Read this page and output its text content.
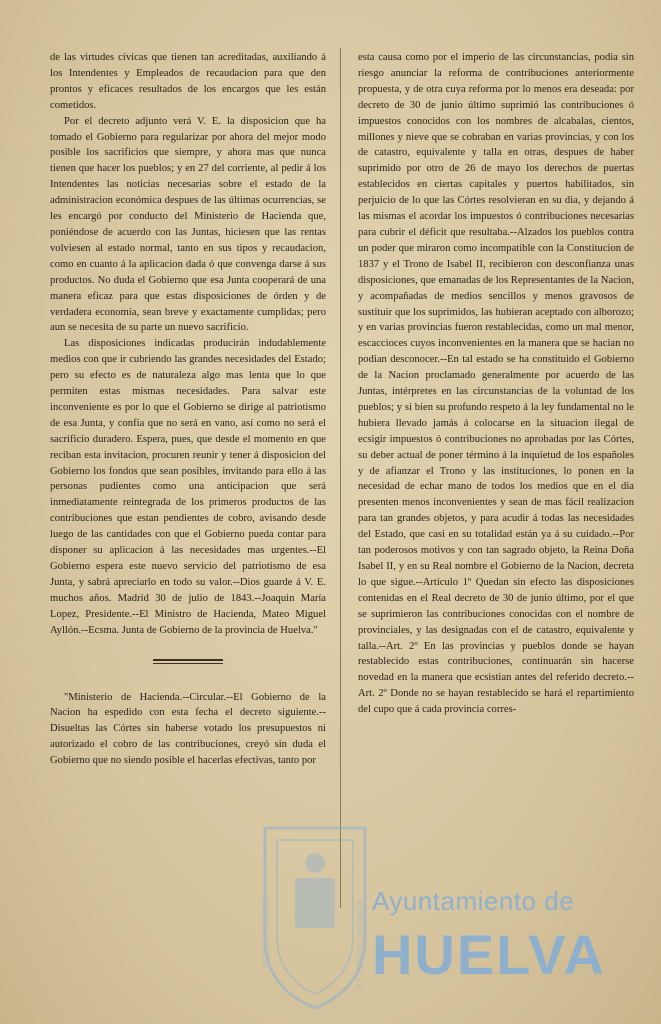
de las virtudes cívicas que tienen tan acreditadas, auxiliando á los Intendentes y Empleados de recaudacion para que den prontos y eficaces resultados de los encargos que les están cometidos.

Por el decreto adjunto verá V. E. la disposicion que ha tomado el Gobierno para regularizar por ahora del mejor modo posible los sacrificios que siempre, y ahora mas que nunca tienen que hacer los pueblos; y en 27 del corriente, al pedir á los Intendentes las noticias necesarias sobre el estado de la administracion económica despues de las últimas ocurrencias, se les encargó por conducto del Ministerio de Hacienda que, poniéndose de acuerdo con las Juntas, hiciesen que las rentas volviesen al estado normal, tanto en sus tipos y recaudacion, como en cuanto á la aplicacion dada ó que convenga darse á sus productos. No duda el Gobierno que esa Junta cooperará de una manera eficaz para que estas disposiciones de órden y de verdadera economía, sean breve y exactamente cumplidas; pero aun se necesita de su parte un nuevo sacrificio.

Las disposiciones indicadas producirán indudablemente medios con que ir cubriendo las grandes necesidades del Estado; pero su efecto es de naturaleza algo mas lenta que lo que permiten estas mismas necesidades. Para salvar este inconveniente es por lo que el Gobierno se dirige al patriotismo de esa Junta, y confía que no será en vano, así como no será el sacrificio duradero. Espera, pues, que desde el momento en que reciban esta invitacion, procuren reunir y tener á disposicion del Gobierno los fondos que sean posibles, invitando para ello á las personas pudientes como una anticipacion que será inmediatamente reintegrada de los primeros productos de las contribuciones que estan pendientes de cobro, avisando desde luego de las cantidades con que el Gobierno pueda contar para disponer su aplicacion á las necesidades mas urgentes.--El Gobierno espera este nuevo servicio del patriotismo de esa Junta, y sabrá apreciarlo en todo su valor.--Dios guarde á V. E. muchos años. Madrid 30 de julio de 1843.--Joaquin María Lopez, Presidente.--El Ministro de Hacienda, Mateo Miguel Ayllón.--Ecsma. Junta de Gobierno de la provincia de Huelva."

"Ministerio de Hacienda.--Circular.--El Gobierno de la Nacion ha espedido con esta fecha el decreto siguiente.--Disueltas las Córtes sin haberse votado los presupuestos ni autorizado el cobro de las contribuciones, creyó sin duda el Gobierno que no siendo posible el hacerlas efectivas, tanto por

esta causa como por el imperio de las circunstancias, podia sin riesgo anunciar la reforma de contribuciones anteriormente propuesta, y de otra cuya reforma por lo menos era deseada: por decreto de 30 de junio último suprimió las contribuciones ó impuestos conocidos con los nombres de alcabalas, cientos, millones y nieve que se cobraban en varias provincias, y con los de catastro, equivalente y talla en otras, despues de haber suprimido por otro de 26 de mayo los derechos de puertas establecidos en ciertas capitales y puertos habilitados, sin perjuicio de lo que las Córtes resolvieran en su dia, y dejando á las mismas el acordar los impuestos ó contribuciones necesarias para cubrir el déficit que resultaba.--Alzados los pueblos contra un poder que miraron como incompatible con la Constitucion de 1837 y el Trono de Isabel II, recibieron con desconfianza unas disposiciones, que emanadas de los Representantes de la Nacion, y acompañadas de medios sencillos y menos gravosos de sustituir que los suprimidos, las hubieran aceptado con alborozo; y en varias provincias fueron restablecidas, como un mal menor, escaccioces cuyos inconvenientes en la manera que se hacian no podian desconocer.--En tal estado se ha constituido el Gobierno de la Nacion proclamado generalmente por acuerdo de las Juntas, intérpretes en las circunstancias de la voluntad de los pueblos; y si bien su profundo respeto á la ley fundamental no le hubiera llevado jamás á colocarse en la situacion ilegal de ecsigir impuestos ó contribuciones no aprobadas por las Córtes, su deber actual de poner término á la inquietud de los españoles y de afianzar el Trono y las instituciones, lo ponen en la necesidad de echar mano de todos los medios que en el dia presenten menos inconvenientes y sean de mas fácil realizacion para tan grandes objetos, y para acudir á todas las necesidades del Estado, que casi en su totalidad están ya á su cuidado.--Por tan poderosos motivos y con tan sagrado objeto, la Reina Doña Isabel II, y en su Real nombre el Gobierno de la Nacion, decreta lo que sigue.--Artículo 1º Quedan sin efecto las disposiciones contenidas en el Real decreto de 30 de junio último, por el que se suprimieron las contribuciones conocidas con el nombre de provinciales, y las designadas con el de catastro, equivalente y talla.--Art. 2º En las provincias y pueblos donde se hayan restablecido estas contribuciones, continuarán sin hacerse novedad en la manera que ecsistian antes del referido decreto.--Art. 2º Donde no se hayan restablecido se hará el repartimiento del cupo que á cada provincia corres-

PORTUS MARIS	ET TERRAE CUSTODIA Ayuntamiento de
HUELVA
